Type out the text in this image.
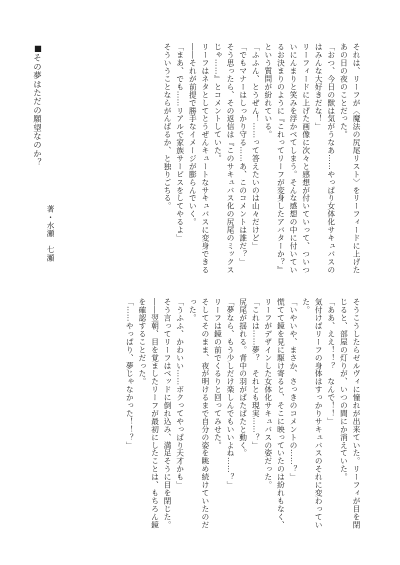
■その夢はただの願望なのか？
著・水瀬　七瀬	それは、リーフが〈魔法の尻尾リスト〉をリーフィードに上げたあの日の夜のことだった。
「おつ、今日の獣は気がうなあ……やっぱり女体化サキュバスのはみんな大好きだな！」
リーフィードに上げた画像に次々と感想が付いていって、ついついにんまりと笑みを浮かべてしまう。そんな感想の中に付いているお決まりのように『これってリーフが変身したアバターか？』という質問が紛れている。
「ふふん、とうぜん！……って答えたいのは山々だけど」
「でもマナーはしっかり守る……あ、このコメントは誰だ？」
そう思ったら、その返信は『このサキュバス化の尻尾のミックスじゃ……』とコメントしていた。
リーフはネタとしてとうぜんキュートなサキュバスに変身できる――それが前提で勝手なイメージが膨らんでいく。
「まあ、でも……リアルで家族サービスをしてやるよ」
そういうことならがんばるか、と独りごちる。
そうこうしたらゼルヴィに憧れが出来ていた。リーフィが目を閉じると、部屋の灯りが、いつの間にか消えていた。
「ああ、ええ！！？　なんで！！」
気付けばリーフの身体はすっかりサキュバスのそれに変わっていた。
「いやいや、まさか、さっきのコメントの……？」
慌てて鏡を見に駆け寄ると、そこに映っていたのは紛れもなく、リーフがデザインした女体化サキュバスの姿だった。
「これは……夢？　それとも現実……？」
尻尾が揺れる。背中の羽がぱたぱたと動く。
「夢なら、もう少しだけ楽しんでもいいよね……？」
リーフは鏡の前でくるりと回ってみせた。
そしてそのまま、夜が明けるまで自分の姿を眺め続けていたのだった。
「うふふ、かわいい……ボクってやっぱり天才かも」
そう言ってリーフはベッドに倒れ込み、満足そうに目を閉じた。
――翌朝、目を覚ましたリーフが最初にしたことは、もちろん鏡を確認することだった。
「……やっぱり、夢じゃなかった！！？」
